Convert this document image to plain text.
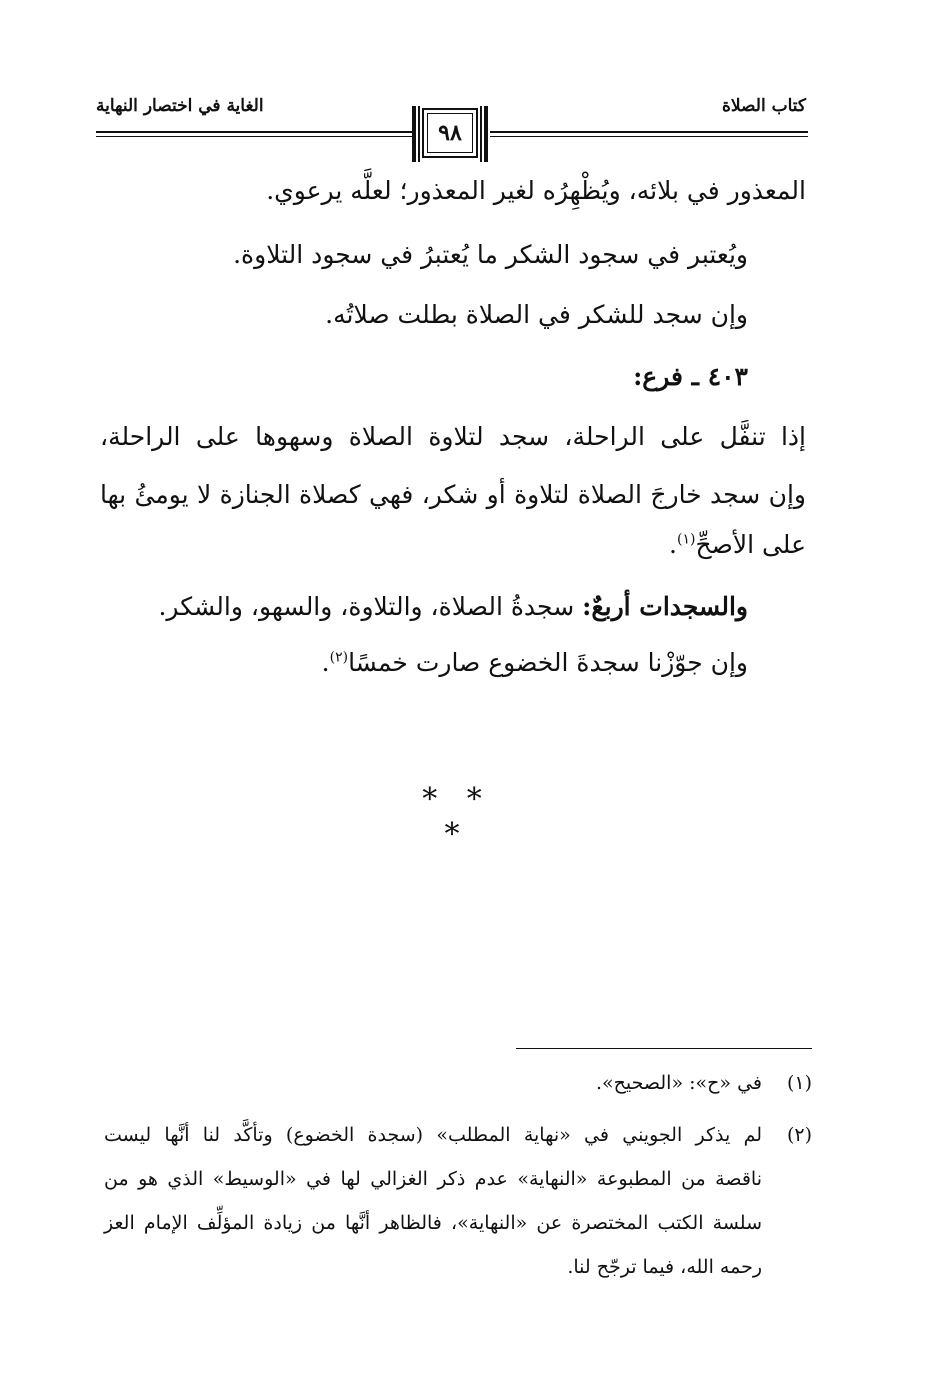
الغاية في اختصار النهاية	كتاب الصلاة
٩٨
المعذور في بلائه، ويُظْهِرُه لغير المعذور؛ لعلَّه يرعوي.
ويُعتبر في سجود الشكر ما يُعتبرُ في سجود التلاوة.
وإن سجد للشكر في الصلاة بطلت صلاتُه.
٤٠٣ ـ فرع:
إذا تنفَّل على الراحلة، سجد لتلاوة الصلاة وسهوها على الراحلة،
وإن سجد خارجَ الصلاة لتلاوة أو شكر، فهي كصلاة الجنازة لا يومئُ بها
على الأصحِّ$^{(١)}$.
والسجدات أربعٌ: سجدةُ الصلاة، والتلاوة، والسهو، والشكر.
وإن جوّزْنا سجدةَ الخضوع صارت خمسًا$^{(٢)}$.
* * *
(١)
في «ح»: «الصحيح».
(٢)
لم يذكر الجويني في «نهاية المطلب» (سجدة الخضوع) وتأكَّد لنا أنَّها ليست
ناقصة من المطبوعة «النهاية» عدم ذكر الغزالي لها في «الوسيط» الذي هو من
سلسة الكتب المختصرة عن «النهاية»، فالظاهر أنَّها من زيادة المؤلِّف الإمام العز
رحمه الله، فيما ترجّح لنا.
